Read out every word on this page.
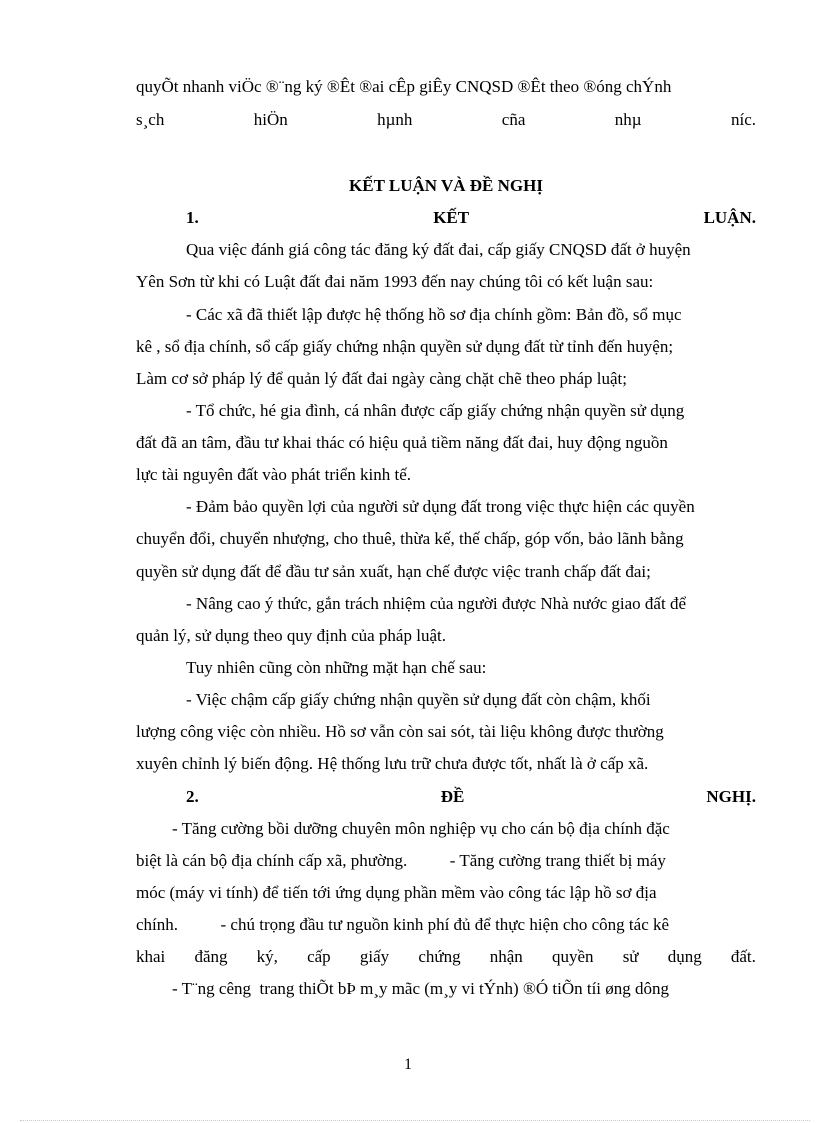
quyÕt nhanh viÖc ®¨ng ký ®Êt ®ai cÊp giÊy CNQSD ®Êt theo ®óng chÝnh
s¸ch	hiÖn	hµnh	cña	nhµ	níc.
KẾT LUẬN VÀ ĐỀ NGHỊ
1.	KẾT	LUẬN.
Qua việc đánh giá công tác đăng ký đất đai, cấp giấy CNQSD đất ở huyện
Yên Sơn từ khi có Luật đất đai năm 1993 đến nay chúng tôi có kết luận sau:
- Các xã đã thiết lập được hệ thống hồ sơ địa chính gồm: Bản đồ, sổ mục
kê , sổ địa chính, sổ cấp giấy chứng nhận quyền sử dụng đất từ tỉnh đến huyện;
Làm cơ sở pháp lý để quản lý đất đai ngày càng chặt chẽ theo pháp luật;
- Tổ chức, hé gia đình, cá nhân được cấp giấy chứng nhận quyền sử dụng
đất đã an tâm, đầu tư khai thác có hiệu quả tiềm năng đất đai, huy động nguồn
lực tài nguyên đất vào phát triển kinh tế.
- Đảm bảo quyền lợi của người sử dụng đất trong việc thực hiện các quyền
chuyển đổi, chuyển nhượng, cho thuê, thừa kế, thế chấp, góp vốn, bảo lãnh bằng
quyền sử dụng đất để đầu tư sản xuất, hạn chế được việc tranh chấp đất đai;
- Nâng cao ý thức, gắn trách nhiệm của người được Nhà nước giao đất để
quản lý, sử dụng theo quy định của pháp luật.
Tuy nhiên cũng còn những mặt hạn chế sau:
- Việc chậm cấp giấy chứng nhận quyền sử dụng đất còn chậm, khối
lượng công việc còn nhiều. Hồ sơ vẫn còn sai sót, tài liệu không được thường
xuyên chỉnh lý biến động. Hệ thống lưu trữ chưa được tốt, nhất là ở cấp xã.
2.	ĐỀ	NGHỊ.
- Tăng cường bồi dưỡng chuyên môn nghiệp vụ cho cán bộ địa chính đặc
biệt là cán bộ địa chính cấp xã, phường.          - Tăng cường trang thiết bị máy
móc (máy vi tính) để tiến tới ứng dụng phần mềm vào công tác lập hồ sơ địa
chính.          - chú trọng đầu tư nguồn kinh phí đủ để thực hiện cho công tác kê
khai đăng ký, cấp giấy chứng nhận quyền sử dụng đất.
- T¨ng cêng  trang thiÕt bÞ m¸y mãc (m¸y vi tÝnh) ®Ó tiÕn tíi øng dông
1
